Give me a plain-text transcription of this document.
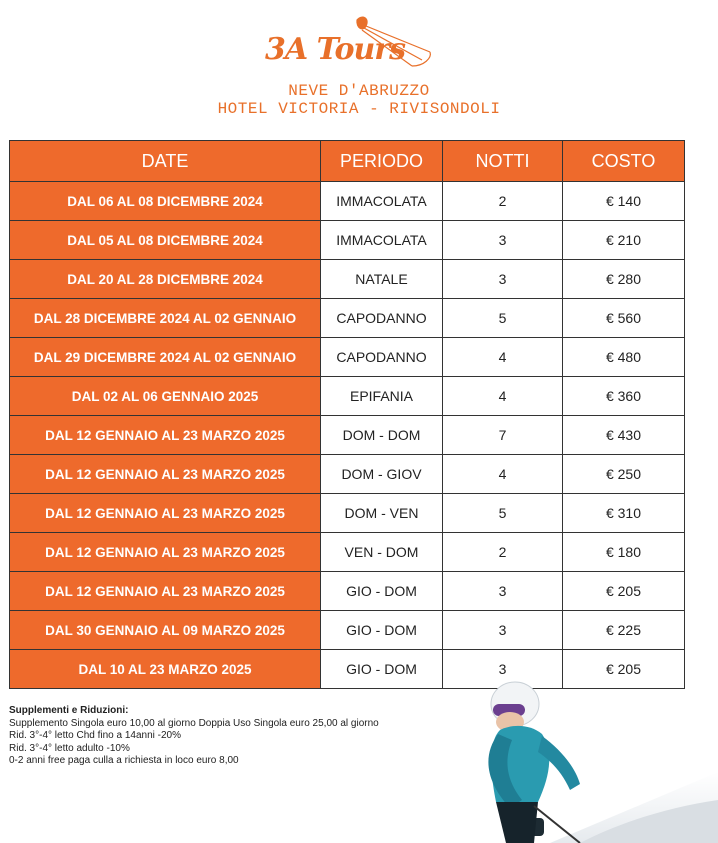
3A Tours
NEVE D'ABRUZZO
HOTEL VICTORIA - RIVISONDOLI
DATE	PERIODO	NOTTI	COSTO
DAL 06 AL 08 DICEMBRE 2024	IMMACOLATA	2	€ 140
DAL 05 AL 08 DICEMBRE 2024	IMMACOLATA	3	€ 210
DAL 20 AL 28 DICEMBRE 2024	NATALE	3	€ 280
DAL 28 DICEMBRE 2024 AL 02 GENNAIO	CAPODANNO	5	€ 560
DAL 29 DICEMBRE 2024 AL 02 GENNAIO	CAPODANNO	4	€ 480
DAL 02 AL 06 GENNAIO 2025	EPIFANIA	4	€ 360
DAL 12 GENNAIO AL 23 MARZO 2025	DOM - DOM	7	€ 430
DAL 12 GENNAIO AL 23 MARZO 2025	DOM - GIOV	4	€ 250
DAL 12 GENNAIO AL 23 MARZO 2025	DOM - VEN	5	€ 310
DAL 12 GENNAIO AL 23 MARZO 2025	VEN - DOM	2	€ 180
DAL 12 GENNAIO AL 23 MARZO 2025	GIO - DOM	3	€ 205
DAL 30 GENNAIO AL 09 MARZO 2025	GIO - DOM	3	€ 225
DAL 10 AL 23 MARZO 2025	GIO - DOM	3	€ 205
Supplementi e Riduzioni:
Supplemento Singola euro 10,00 al giorno Doppia Uso Singola euro 25,00 al giorno
Rid. 3°-4° letto Chd fino a 14anni -20%
Rid. 3°-4° letto adulto -10%
0-2 anni free paga culla a richiesta in loco euro 8,00
